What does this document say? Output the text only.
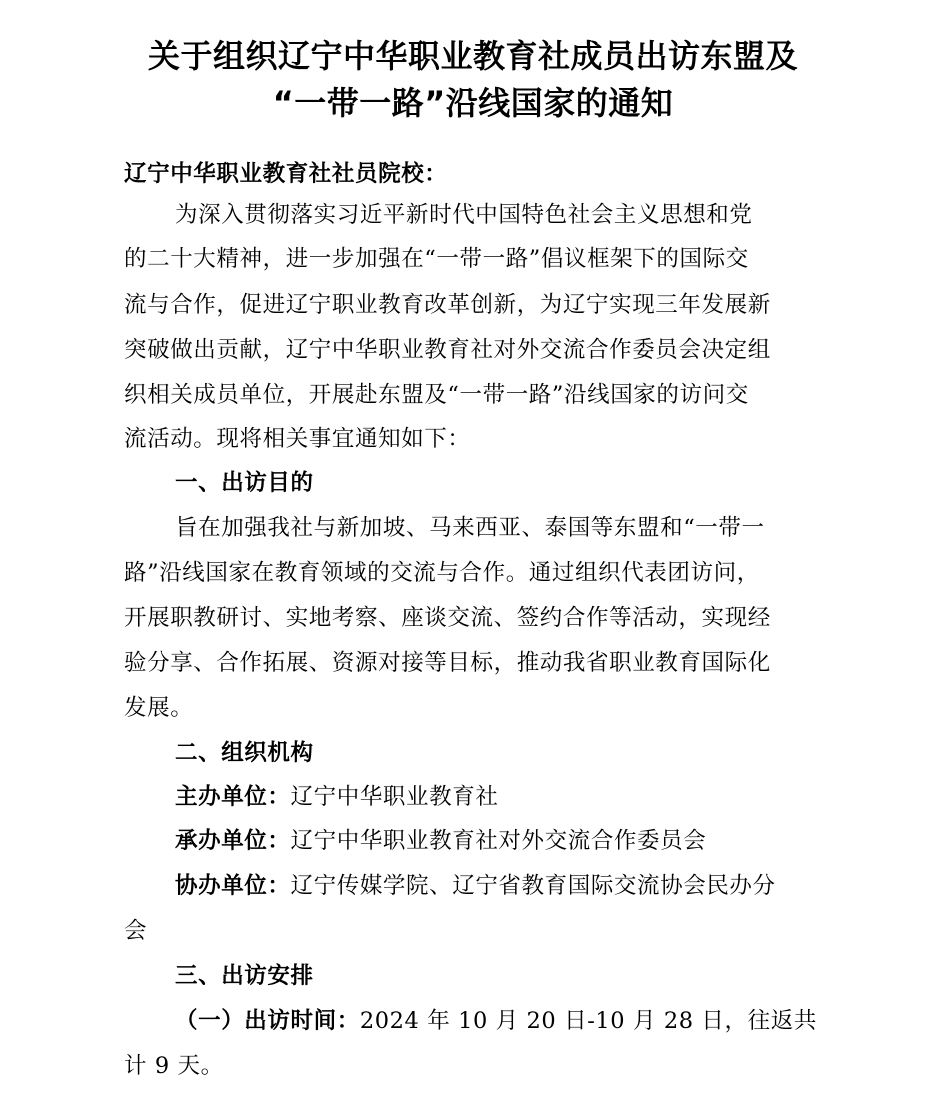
关于组织辽宁中华职业教育社成员出访东盟及
“一带一路”沿线国家的通知
辽宁中华职业教育社社员院校：
为深入贯彻落实习近平新时代中国特色社会主义思想和党
的二十大精神，进一步加强在“一带一路”倡议框架下的国际交
流与合作，促进辽宁职业教育改革创新，为辽宁实现三年发展新
突破做出贡献，辽宁中华职业教育社对外交流合作委员会决定组
织相关成员单位，开展赴东盟及“一带一路”沿线国家的访问交
流活动。现将相关事宜通知如下：
一、出访目的
旨在加强我社与新加坡、马来西亚、泰国等东盟和“一带一
路”沿线国家在教育领域的交流与合作。通过组织代表团访问，
开展职教研讨、实地考察、座谈交流、签约合作等活动，实现经
验分享、合作拓展、资源对接等目标，推动我省职业教育国际化
发展。
二、组织机构
主办单位：辽宁中华职业教育社
承办单位：辽宁中华职业教育社对外交流合作委员会
协办单位：辽宁传媒学院、辽宁省教育国际交流协会民办分
会
三、出访安排
（一）出访时间：2024 年 10 月 20 日-10 月 28 日，往返共
计 9 天。
